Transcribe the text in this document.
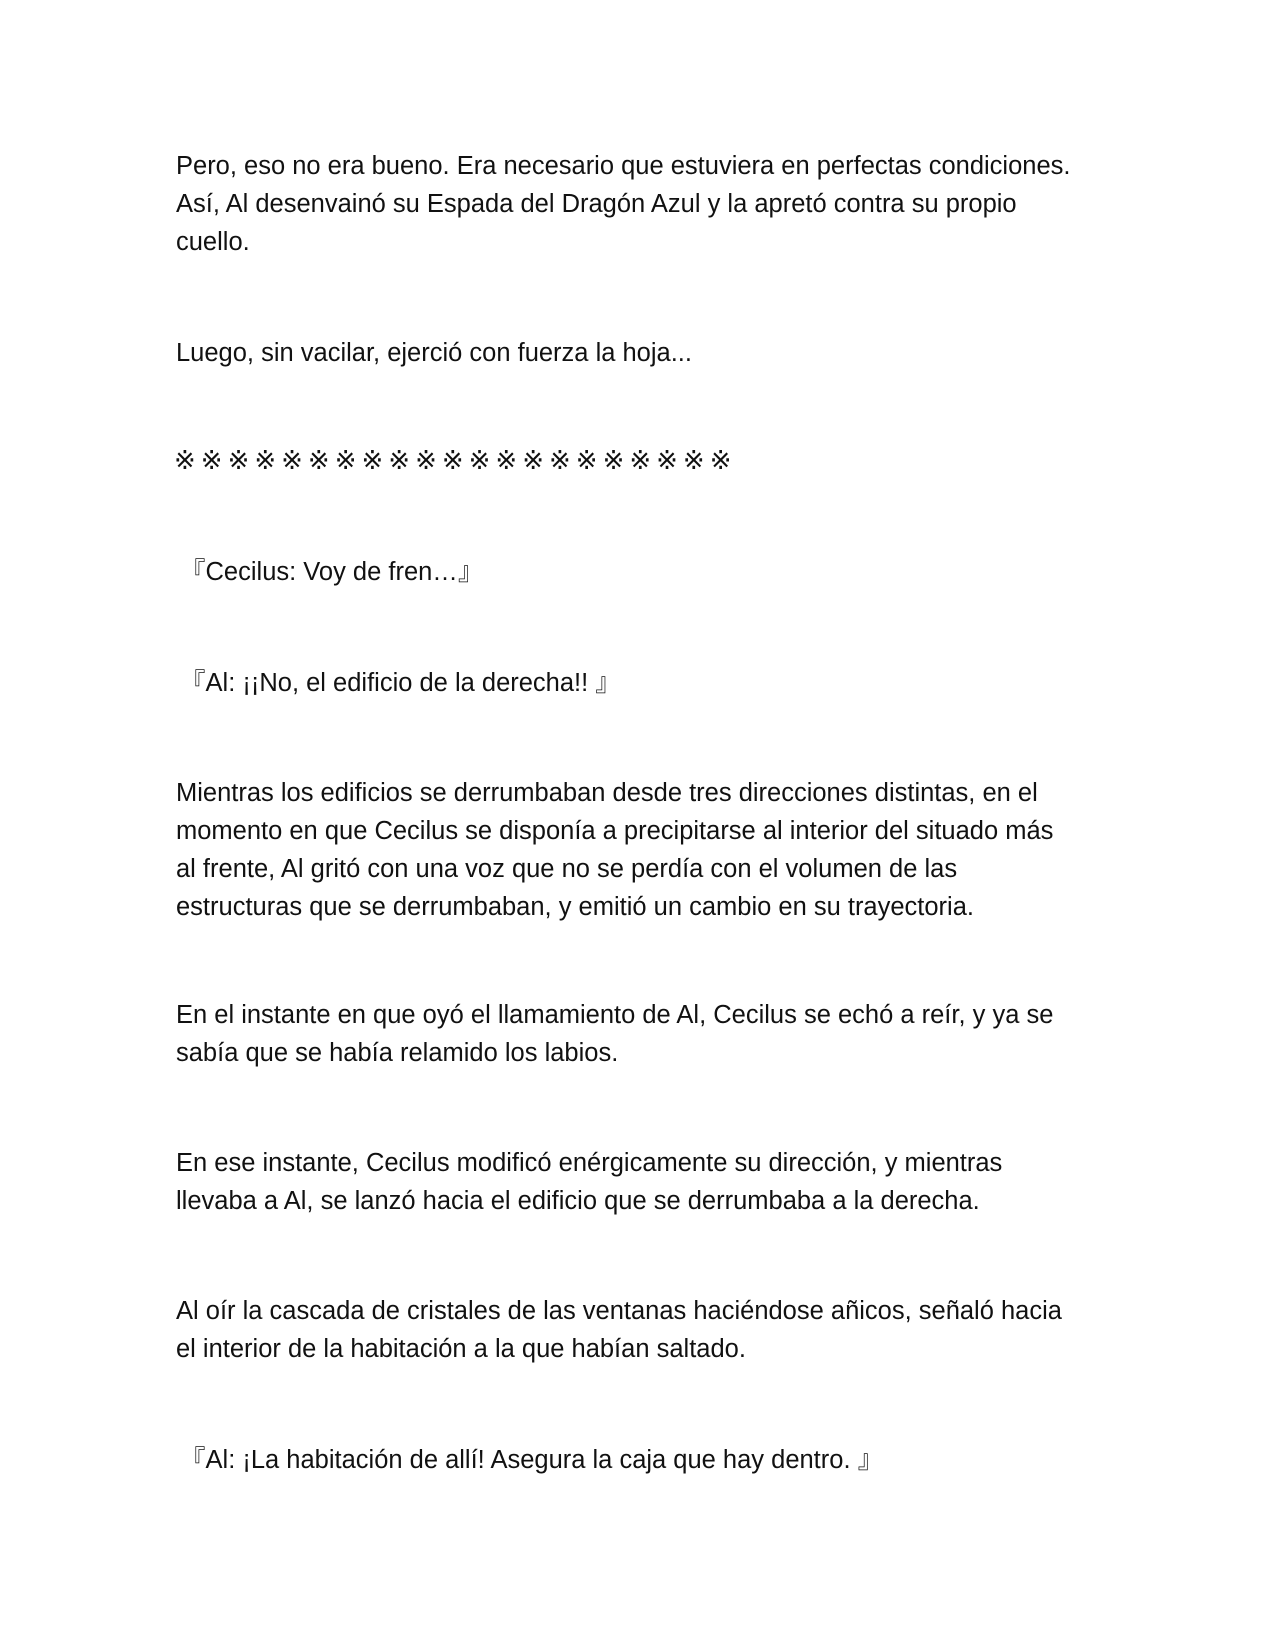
Pero, eso no era bueno. Era necesario que estuviera en perfectas condiciones.
Así, Al desenvainó su Espada del Dragón Azul y la apretó contra su propio
cuello.

Luego, sin vacilar, ejerció con fuerza la hoja...

※※※※※※※※※※※※※※※※※※※※※
『Cecilus: Voy de fren…』
『Al: ¡¡No, el edificio de la derecha!! 』

Mientras los edificios se derrumbaban desde tres direcciones distintas, en el
momento en que Cecilus se disponía a precipitarse al interior del situado más
al frente, Al gritó con una voz que no se perdía con el volumen de las
estructuras que se derrumbaban, y emitió un cambio en su trayectoria.

En el instante en que oyó el llamamiento de Al, Cecilus se echó a reír, y ya se
sabía que se había relamido los labios.

En ese instante, Cecilus modificó enérgicamente su dirección, y mientras
llevaba a Al, se lanzó hacia el edificio que se derrumbaba a la derecha.

Al oír la cascada de cristales de las ventanas haciéndose añicos, señaló hacia
el interior de la habitación a la que habían saltado.

『Al: ¡La habitación de allí! Asegura la caja que hay dentro. 』
